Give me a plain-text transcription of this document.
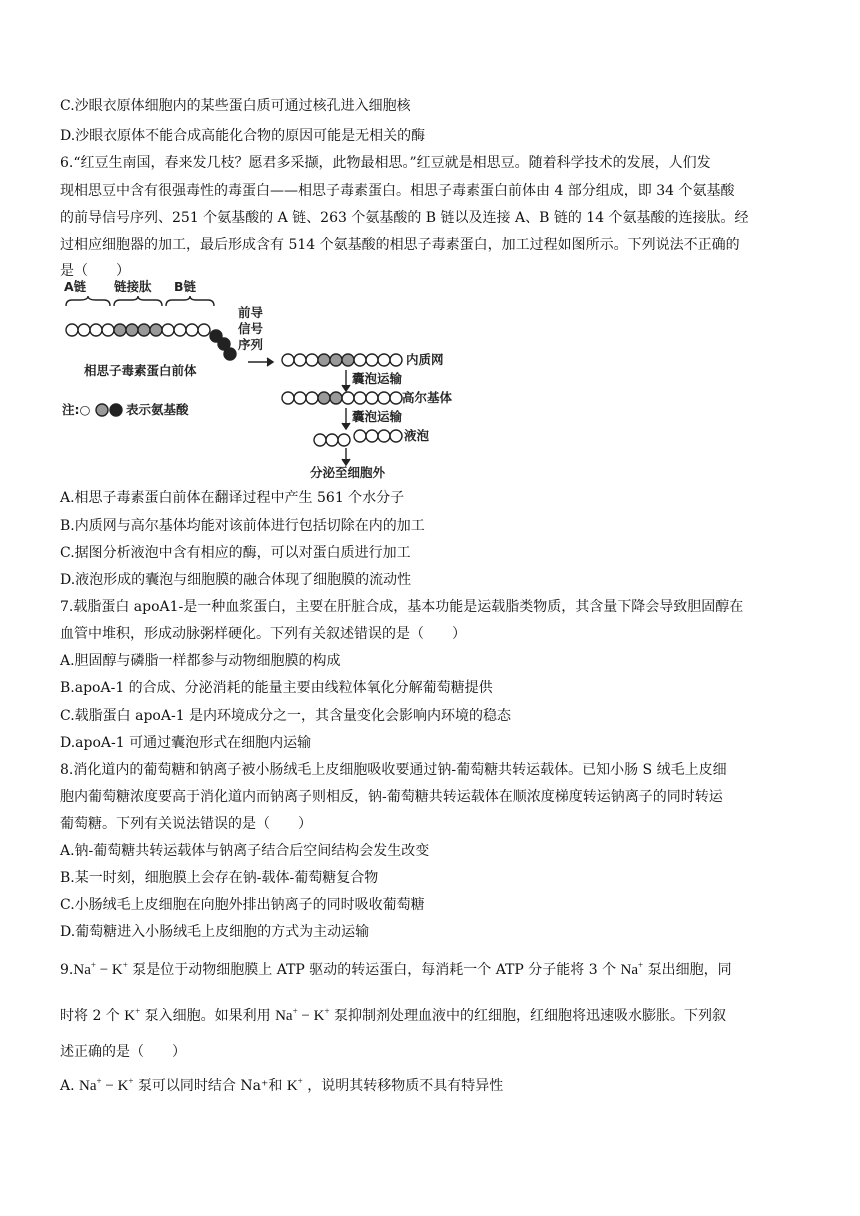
C.沙眼衣原体细胞内的某些蛋白质可通过核孔进入细胞核
D.沙眼衣原体不能合成高能化合物的原因可能是无相关的酶
6.“红豆生南国，春来发几枝？愿君多采撷，此物最相思。”红豆就是相思豆。随着科学技术的发展，人们发
现相思豆中含有很强毒性的毒蛋白——相思子毒素蛋白。相思子毒素蛋白前体由 4 部分组成，即 34 个氨基酸
的前导信号序列、251 个氨基酸的 A 链、263 个氨基酸的 B 链以及连接 A、B 链的 14 个氨基酸的连接肽。经
过相应细胞器的加工，最后形成含有 514 个氨基酸的相思子毒素蛋白，加工过程如图所示。下列说法不正确的
是（　　）
A链 链接肽 B链
前导
信号
序列
相思子毒素蛋白前体
内质网
囊泡运输
高尔基体
注:○	表示氨基酸	囊泡运输
液泡
分泌至细胞外
A.相思子毒素蛋白前体在翻译过程中产生 561 个水分子
B.内质网与高尔基体均能对该前体进行包括切除在内的加工
C.据图分析液泡中含有相应的酶，可以对蛋白质进行加工
D.液泡形成的囊泡与细胞膜的融合体现了细胞膜的流动性
7.载脂蛋白 apoA1-是一种血浆蛋白，主要在肝脏合成，基本功能是运载脂类物质，其含量下降会导致胆固醇在
血管中堆积，形成动脉粥样硬化。下列有关叙述错误的是（　　）
A.胆固醇与磷脂一样都参与动物细胞膜的构成
B.apoA-1 的合成、分泌消耗的能量主要由线粒体氧化分解葡萄糖提供
C.载脂蛋白 apoA-1 是内环境成分之一，其含量变化会影响内环境的稳态
D.apoA-1 可通过囊泡形式在细胞内运输
8.消化道内的葡萄糖和钠离子被小肠绒毛上皮细胞吸收要通过钠-葡萄糖共转运载体。已知小肠 S 绒毛上皮细
胞内葡萄糖浓度要高于消化道内而钠离子则相反，钠-葡萄糖共转运载体在顺浓度梯度转运钠离子的同时转运
葡萄糖。下列有关说法错误的是（　　）
A.钠-葡萄糖共转运载体与钠离子结合后空间结构会发生改变
B.某一时刻，细胞膜上会存在钠-载体-葡萄糖复合物
C.小肠绒毛上皮细胞在向胞外排出钠离子的同时吸收葡萄糖
D.葡萄糖进入小肠绒毛上皮细胞的方式为主动运输
9.Na+ − K+ 泵是位于动物细胞膜上 ATP 驱动的转运蛋白，每消耗一个 ATP 分子能将 3 个 Na+ 泵出细胞，同
时将 2 个 K+ 泵入细胞。如果利用 Na+ − K+ 泵抑制剂处理血液中的红细胞，红细胞将迅速吸水膨胀。下列叙
述正确的是（　　）
A. Na+ − K+ 泵可以同时结合 Na⁺和 K+ ，说明其转移物质不具有特异性
